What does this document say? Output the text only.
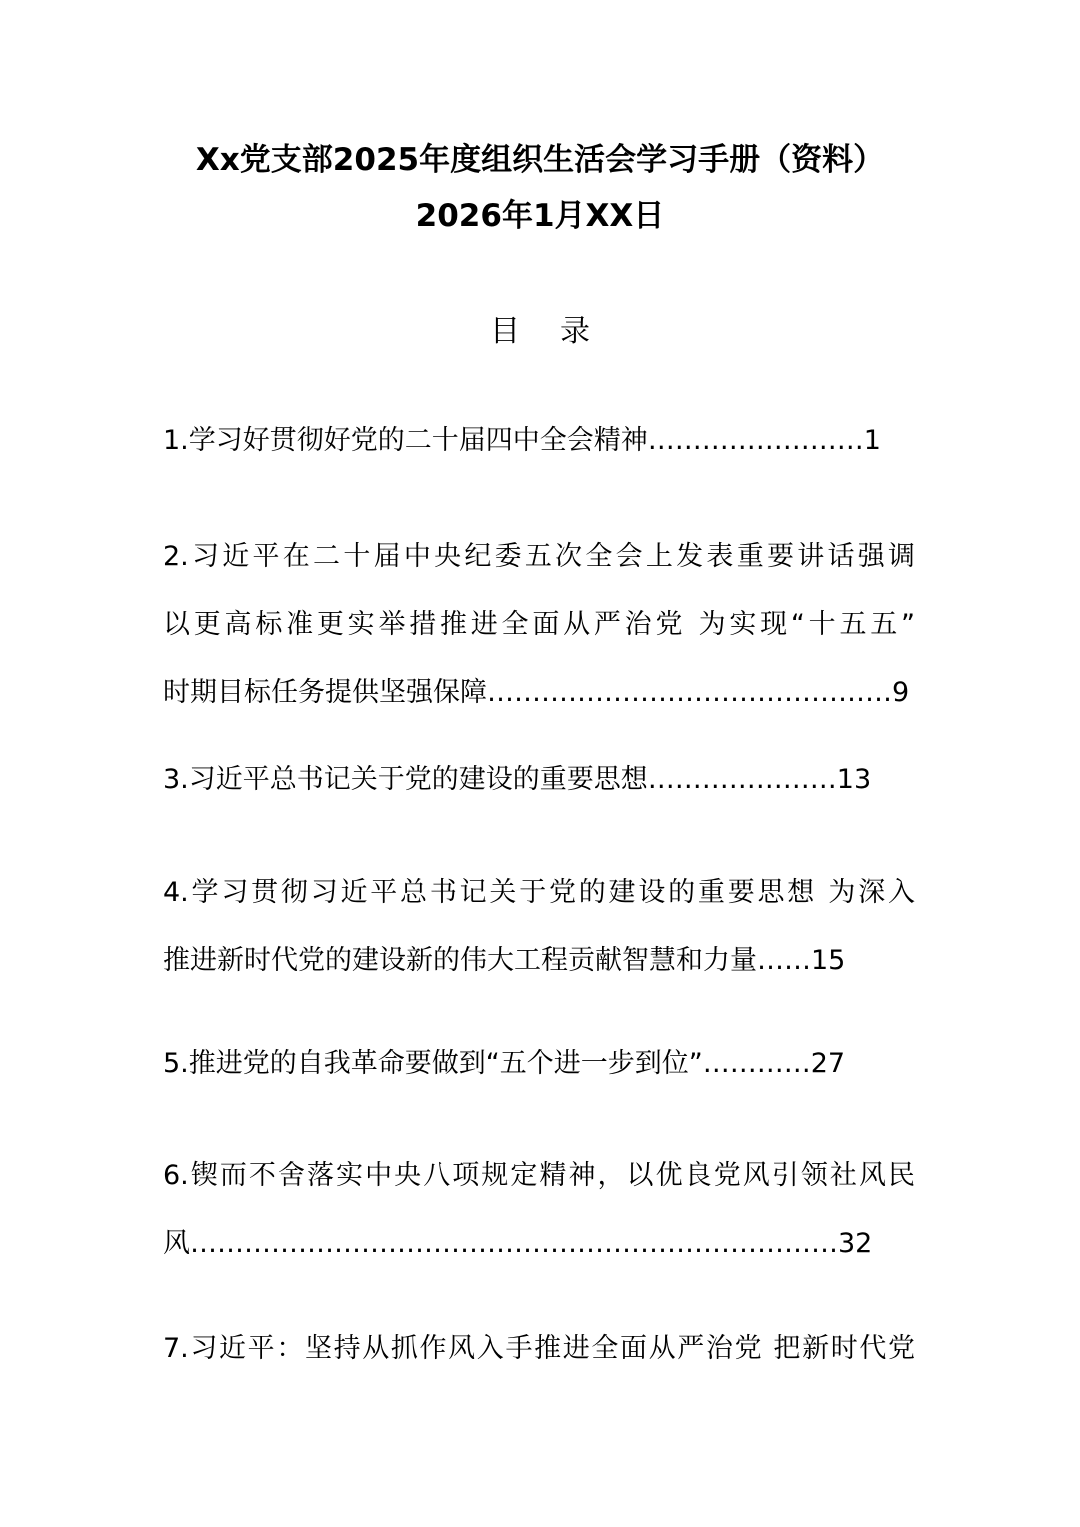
Xx党支部2025年度组织生活会学习手册（资料）
2026年1月XX日
目录
1.学习好贯彻好党的二十届四中全会精神……………………1
2.习近平在二十届中央纪委五次全会上发表重要讲话强调
以更高标准更实举措推进全面从严治党 为实现“十五五”
时期目标任务提供坚强保障………………………………………9
3.习近平总书记关于党的建设的重要思想…………………13
4.学习贯彻习近平总书记关于党的建设的重要思想 为深入
推进新时代党的建设新的伟大工程贡献智慧和力量……15
5.推进党的自我革命要做到“五个进一步到位”…………27
6.锲而不舍落实中央八项规定精神，以优良党风引领社风民
风………………………………………………………………32
7.习近平：坚持从抓作风入手推进全面从严治党 把新时代党
